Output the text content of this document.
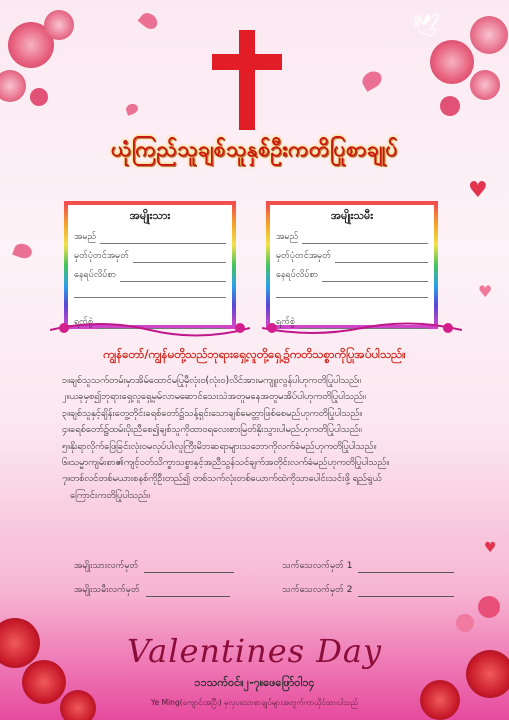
🕊
♥
♥
ယုံကြည်သူချစ်သူနှစ်ဦးကတိပြုစာချုပ်
အမျိုးသား
အမည်
မှတ်ပုံတင်အမှတ်
နေရပ်လိပ်စာ
ရက်စွဲ
အမျိုးသမီး
အမည်
မှတ်ပုံတင်အမှတ်
နေရပ်လိပ်စာ
ရက်စွဲ
ကျွန်တော်/ကျွန်မတို့သည်ဘုရားရှေ့လူတို့ရှေ့၌ကတိသစ္စာကိုပြုအပ်ပါသည်။
၁။ချစ်သူသက်တမ်းမှာအိမ်ထောင်မပြုမှီလုံး၀(လုံး၀)လိင်အားမကျူးလွန်ပါဟုကတိပြုပါသည်။
၂။ယခုမှစ၍ဘုရားရှေ့လူရှေ့မှမ်လာမဆောင်သေးသဲအတူမနေအတူမအိပ်ပါဟုကတိပြုပါသည်။
၃။ချစ်သူနှင့်ချိန်းတွေ့တိုင်းခရစ်တော်၌သန့်ရှင်းသောချစ်မေတ္တာဖြစ်စေမည်ဟုကတိပြုပါသည်။
၄။ခရစ်တော်၌ထမ်းပိုးညီစေ၍ချစ်သူကိုထာ၀ရလေးစားမြတ်နိုးသွားပါမည်ဟုကတိပြုပါသည်။
၅။နိုးရာလိုက်ဖြေခြင်းလုံးဝမလုပ်ပါ၊လူကြီးမိဘဆရာများသဘောကိုလက်ခံမည်ဟုကတိပြုပါသည်။
၆။သမ္မာကျမ်းစာ၏ကျင့်ဝတ်သိက္ခာသစ္စာနှင့်အညီသွန်သင်ချက်အတိုင်းလက်ခံမည်ဟုကတိပြုပါသည်။
၇။တစ်လင်တစ်မယားစနစ်ကိုဦးတည်၍ တစ်သက်လုံးတစ်ယောက်ထဲကိုသာပေါင်းသင်းဖို့ ရည်ရွယ်
ကြောင်းကတိပြုပါသည်။
အမျိုးသားလက်မှတ်
အမျိုးသမီးလက်မှတ်
သက်သေလက်မှတ် 1
သက်သေလက်မှတ် 2
♥
Valentines Day
၁၁သက်ဝင်။၂-၇။ဖေဖြော်ဝါ၁၄
Ye Ming(ကျောင်းအပြီး) မှလှပသောစာချုပ်များအတွက်ကာယိုင်ထားပါသည်
